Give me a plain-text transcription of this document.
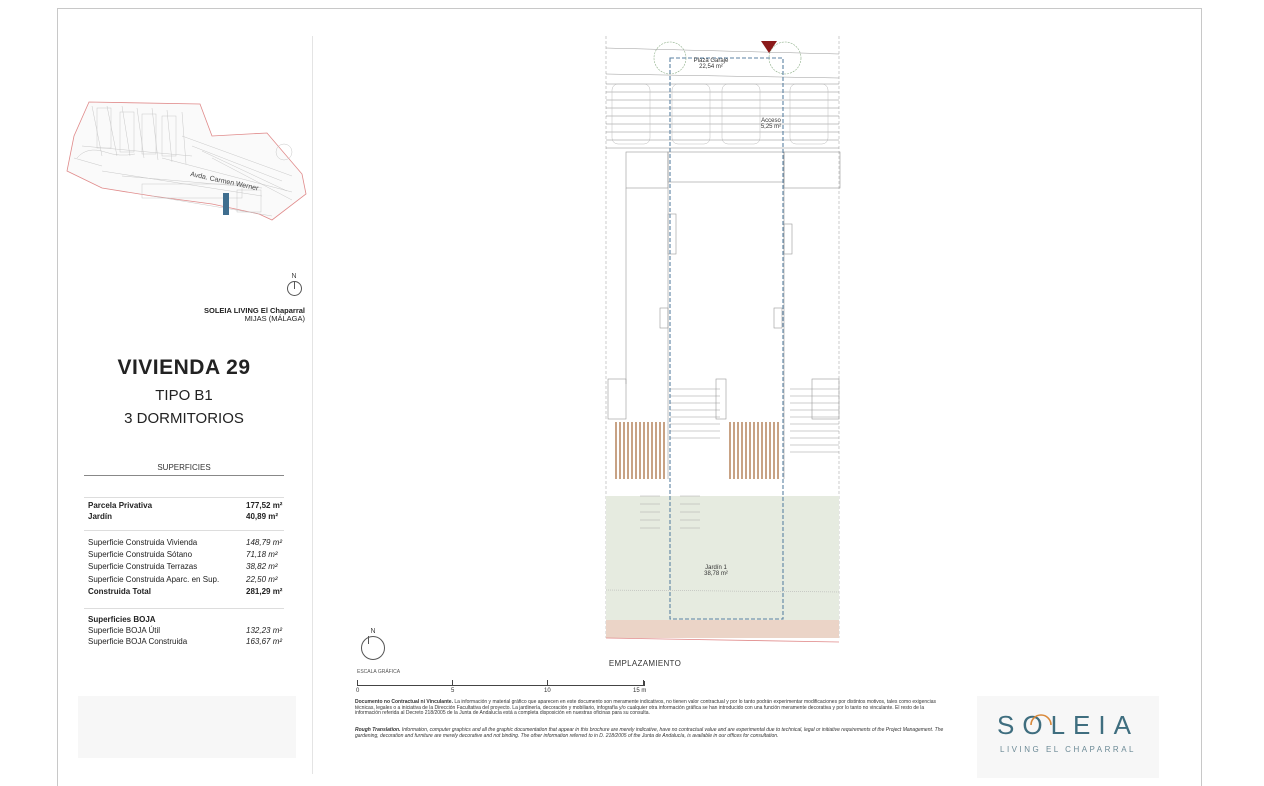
Avda. Carmen Werner
N
SOLEIA LIVING El Chaparral
MIJAS (MÁLAGA)
VIVIENDA 29
TIPO B1
3 DORMITORIOS
SUPERFICIES
Parcela Privativa	177,52 m²
Jardín	40,89 m²
Superficie Construida Vivienda	148,79 m²
Superficie Construida Sótano	71,18 m²
Superficie Construida Terrazas	38,82 m²
Superficie Construida Aparc. en Sup.	22,50 m²
Construida Total	281,29 m²
Superficies BOJA
Superficie BOJA Útil	132,23 m²
Superficie BOJA Construida	163,67 m²
Plaza Garaje
22,54 m²
Acceso
5,25 m²
Jardín 1
38,78 m²
N
EMPLAZAMIENTO
ESCALA GRÁFICA
0	5	10	15 m
Documento no Contractual ni Vinculante. La información y material gráfico que aparecen en este documento son meramente indicativos, no tienen valor contractual y por lo tanto podrán experimentar modificaciones por distintos motivos, tales como exigencias técnicas, legales o a iniciativa de la Dirección Facultativa del proyecto. La jardinería, decoración y mobiliario, infografía y/o cualquier otra información gráfica se han introducido con una función meramente decorativa y por lo tanto no vinculante. El resto de la información referida al Decreto 218/2005 de la Junta de Andalucía está a completa disposición en nuestras oficinas para su consulta.
Rough Translation. Information, computer graphics and all the graphic documentation that appear in this brochure are merely indicative, have no contractual value and are experimental due to technical, legal or initiative requirements of the Project Management. The gardening, decoration and furniture are merely decorative and not binding. The other information referred to in D. 218/2005 of the Junta de Andalucía, is available in our offices for consultation.	SOLEIA
LIVING EL CHAPARRAL
